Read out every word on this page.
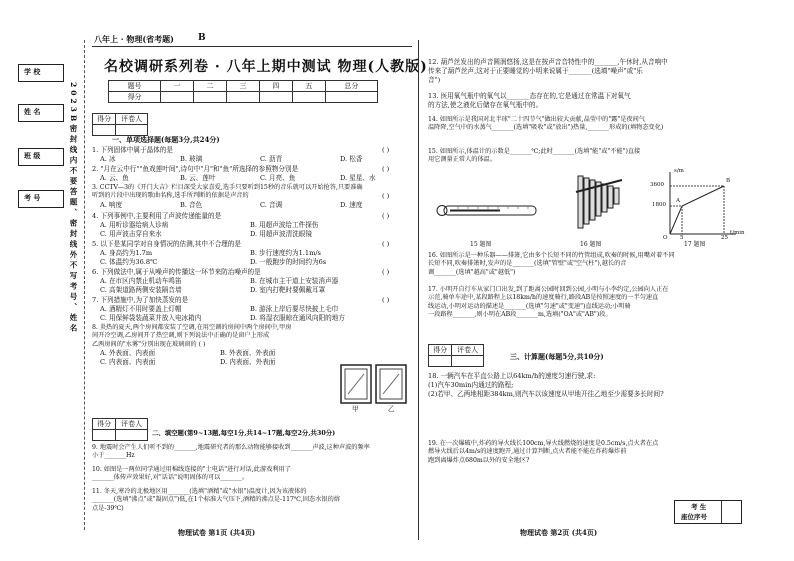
学 校
姓 名
班 级
考 号	2023B密封线内不要答题、密封线外不写考号、姓名
八年上 · 物理(省考题)	B
名校调研系列卷 · 八年上期中测试 物理(人教版)
题号	一	二	三	四	五	总分
得分						
得分	评卷人

一、单项选择题(每题3分,共24分)
1. 下列固体中属于晶体的是	( )
A. 冰	B. 玻璃	C. 沥青	D. 松香
2. "月在云中行""鱼戏莲叶间",诗句中"月"和"鱼"所选择的参照物分别是	( )
A. 云、鱼	B. 云、莲叶	C. 月亮、鱼	D. 星星、水
3. CCTV—3的《开门大吉》栏目深受大家喜爱,选手只要听到15秒的音乐就可以开始抢答,只要准确
听到的片段中出现的歌曲名称,选手所判断的依据是声音的	( )
A. 响度	B. 音色	C. 音调	D. 速度
4. 下列事例中,主要利用了声波传递能量的是	( )
A. 用听诊器给病人诊病	B. 用超声波给工件探伤
C. 用声波击穿自来水	D. 用超声波清洗眼镜
5. 以下是某同学对自身情况的估测,其中不合理的是	( )
A. 身高约为1.7m	B. 步行速度约为1.1m/s
C. 体温约为36.8℃	D. 一般跑步的时间约为6s
6. 下列做法中,属于从噪声的传播这一环节来防治噪声的是	( )
A. 在市区内禁止机动车鸣笛	B. 在城市主干道上安装消声器
C. 高架道路两侧安装隔音墙	D. 室内打靶时要佩戴耳罩
7. 下列措施中,为了加快蒸发的是	( )
A. 酒精灯不用时要盖上灯帽	B. 游泳上岸后要尽快披上毛巾
C. 用保鲜袋装蔬菜并放入电冰箱内	D. 将湿衣服晾在通风向阳的地方
8. 炎热的夏天,两个房间都安装了空调,在用空调的房间中两个房间中,甲房
间开冷空调,乙房间开了热空调,则下列说法中正确的是窗户上形成
乙两房间的"水雾"分别出现在玻璃窗的 ( )
A. 外表面、内表面	B. 外表面、外表面
C. 内表面、内表面	D. 内表面、外表面
甲	乙
得分	评卷人

二、填空题(第9~13题,每空1分,共14~17题,每空2分,共30分)
9. 地震时会产生人们听不到的_______,地震研究者的那么动物能够接收到_______声波,这种声波的频率
小于_______Hz
10. 如图是一两位同学通过用棉线连接的"土电话"进行对话,此游戏利用了
_______体传声效果好,对"话话"说明固体的可以_______。
11. 冬天,寒冷的北极地区用_______(选填"酒精"或"水银")温度计,因为该液体的
_______(选填"沸点"或"凝固点")低,在1个标准大气压下,酒精的沸点是-117℃,固态水银的熔
点是-39℃)
物理试卷 第1页 (共4页)
12. 葫芦丝发出的声音圆润悠扬,这是在按声音音特性中的_______,午休时,从音响中
传来了葫芦丝声,这对于正要睡觉的小明来说属于_______(选填"噪声"或"乐
音")
13. 医用氧气瓶中的氧气以_______态存在的,它是通过在常温下对氧气
的方法,使之液化后储存在氧气瓶中的。
14. 如图所示是我国对北半球"二十四节气"做出较大贡献,晶莹中的"露"是夜间气
温降降,空气中的水蒸气_______(选填"吸收"或"放出")热量,_______形成的(填物态变化)
15. 如图所示,体温计的示数是_______℃;此时_______(选填"能"或"不能")直接
用它测量正常人的体温。
s/m
3600
1800
O 5	25
t/min
A
B
15 题图	16 题图	17 题图
16. 如图所示是一种乐器——排箫,它由多个长短不同的竹管组成,吹奏的时候,用嘴对着不同
长短不同,吹奏排箫时,发声的是_______(选填"管壁"或"空气柱"),越长的音
调_______(选填"越高"或"越低")
17. 小明开自行车从家门口出发,到了距离公园时回到公园,小明与小李约定,公园向人正在
示范,骑单车途中,某段路程上以18km/h的速度骑行,路段AB是按照速度的一半匀速直
线运动,小明对运动的描述是_______(选填"匀速"或"变速")直线运动;小明骑
一段路程_______,则小明在AB段_______m,选填("OA"或"AB")段。
得分	评卷人

三、计算题(每题5分,共10分)
18. 一辆汽车在平直公路上以64km/h的速度匀速行驶,求:
(1)汽车30min内通过的路程;
(2)若甲、乙两地相距384km,则汽车以该速度从甲地开往乙地至少需要多长时间?
19. 在一次爆破中,炸药的导火线长100cm,导火线燃烧的速度是0.5cm/s,点火者在点
燃导火线后以4m/s的速度跑开,通过计算判断,点火者能不能在炸药爆炸前
跑到离爆炸点680m以外的安全地区?
考 生
座位序号
物理试卷 第2页 (共4页)
